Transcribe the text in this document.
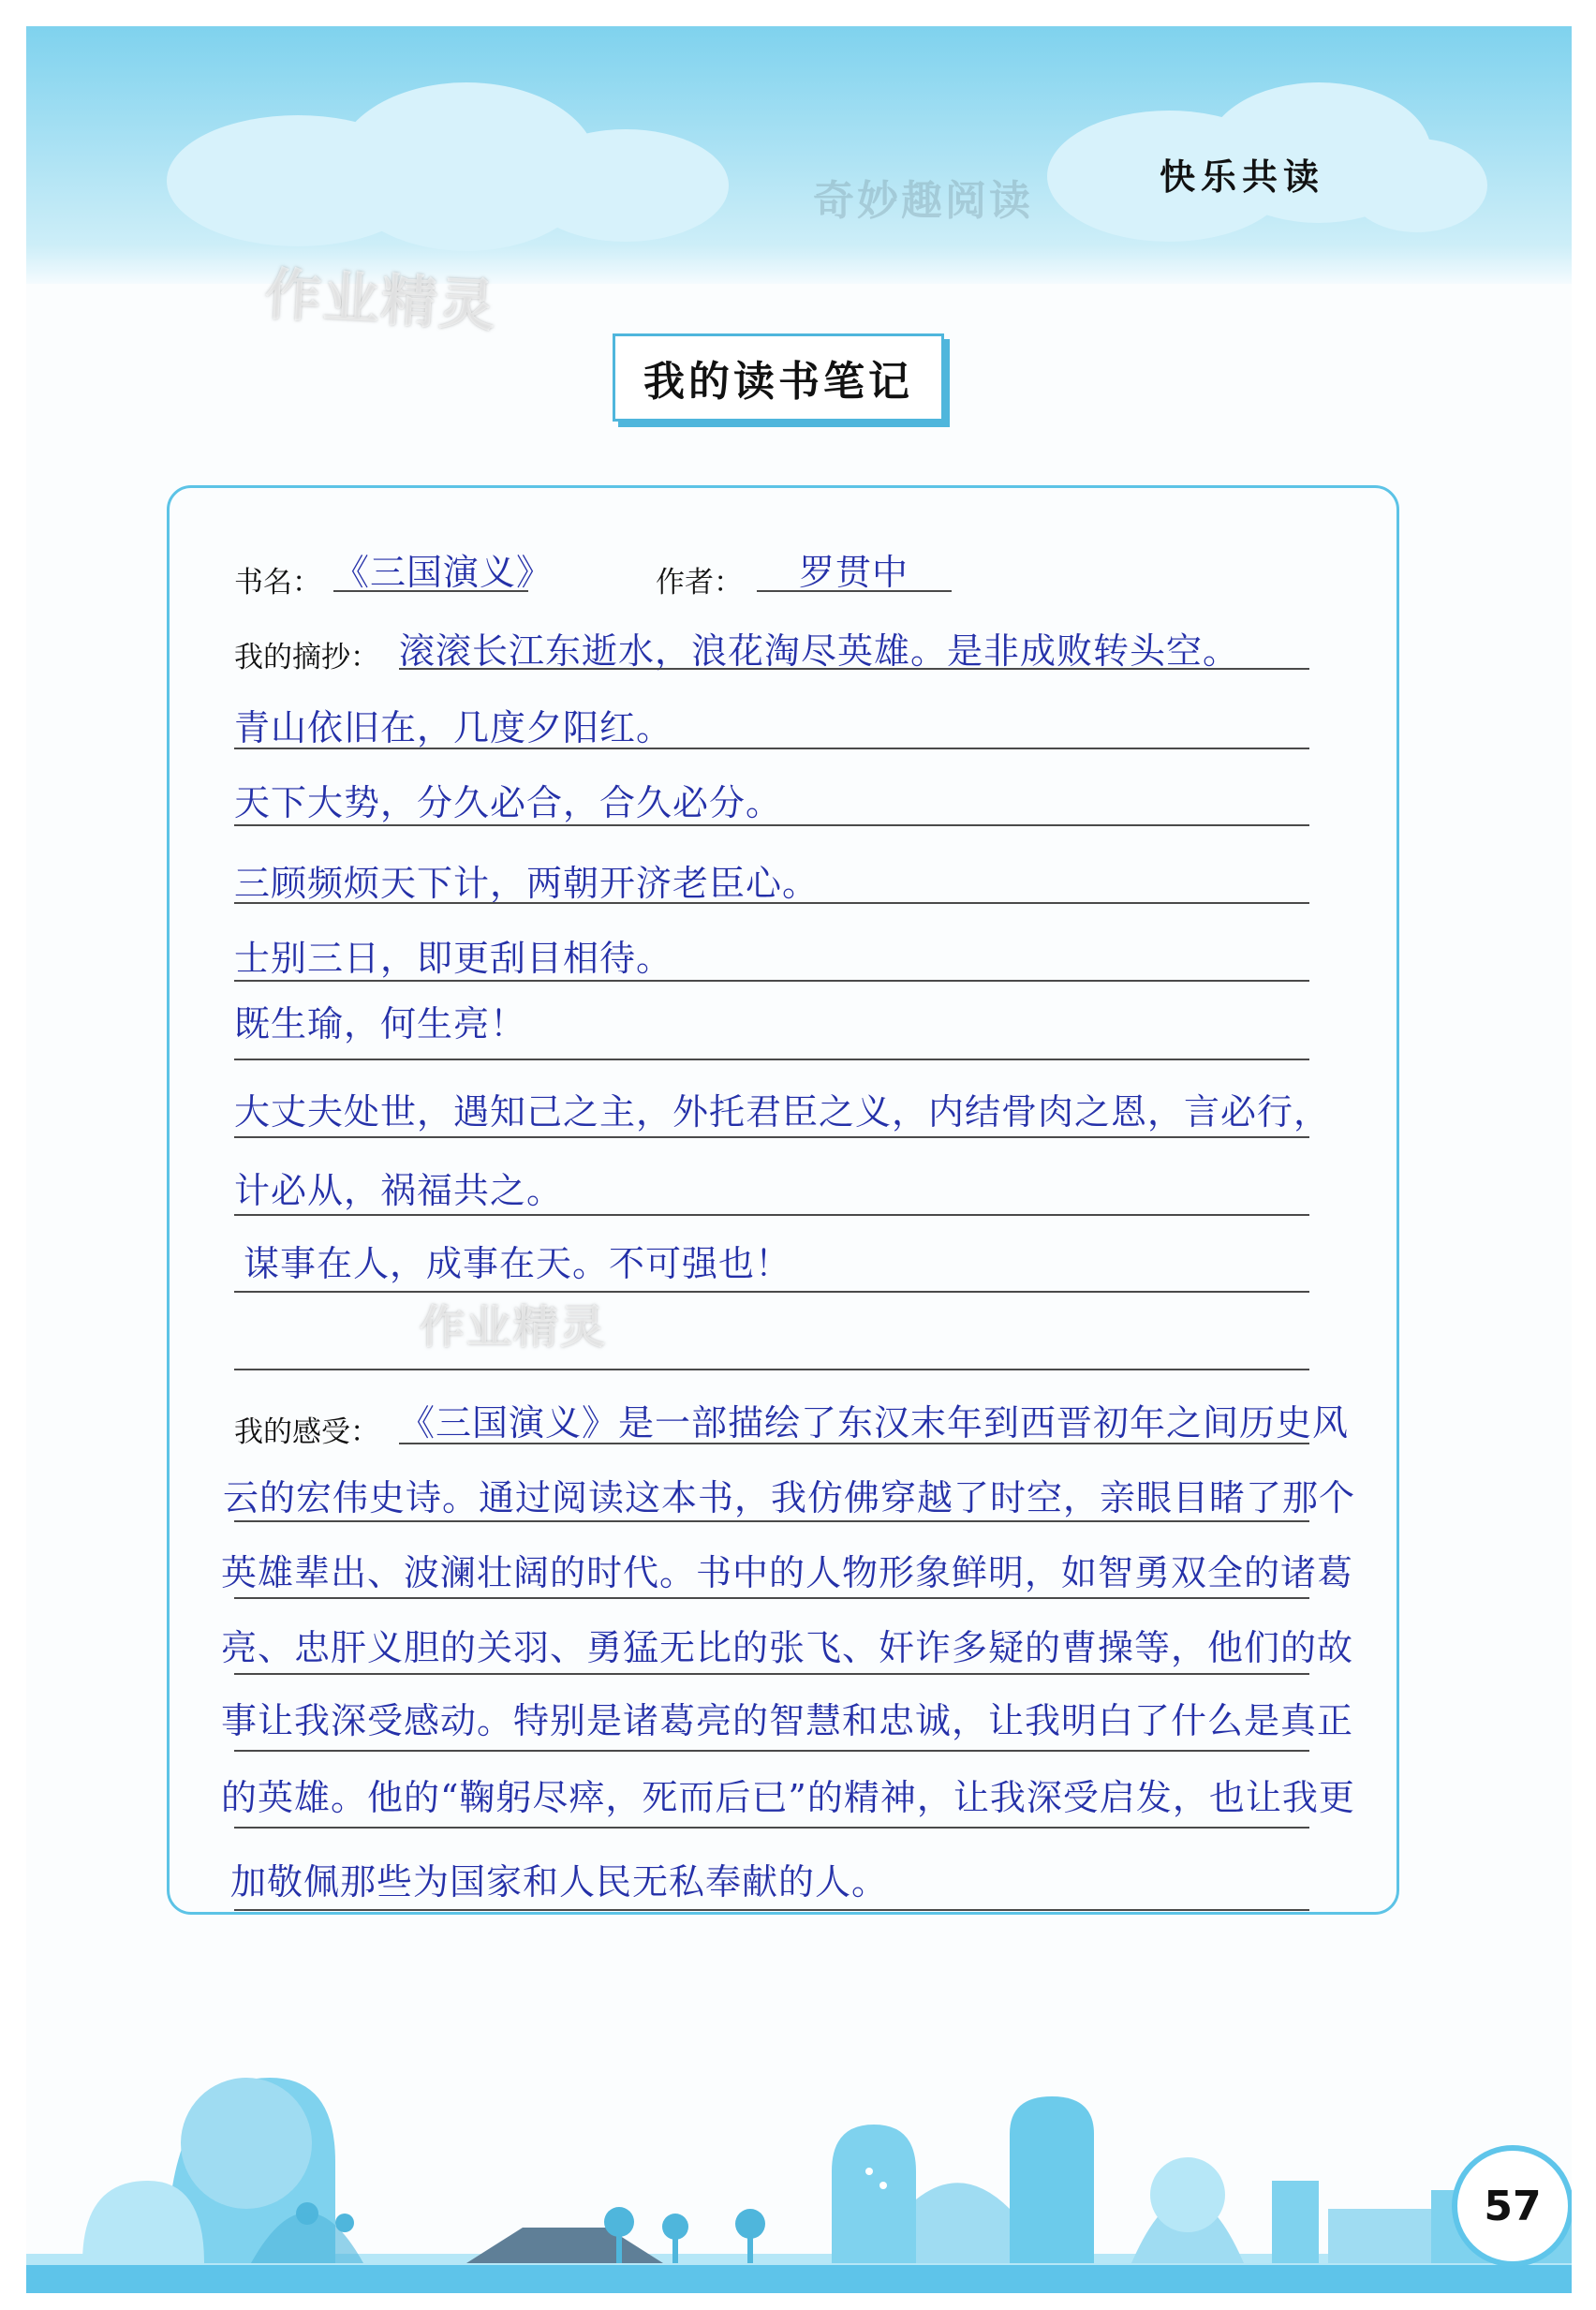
奇妙趣阅读	快乐共读
作业精灵
我的读书笔记
书名： 《三国演义》	作者： 罗贯中
我的摘抄： 滚滚长江东逝水，浪花淘尽英雄。是非成败转头空。
青山依旧在，几度夕阳红。
天下大势，分久必合，合久必分。
三顾频烦天下计，两朝开济老臣心。
士别三日，即更刮目相待。
既生瑜，何生亮！
大丈夫处世，遇知己之主，外托君臣之义，内结骨肉之恩，言必行，
计必从，祸福共之。
谋事在人，成事在天。不可强也！
作业精灵
我的感受： 《三国演义》是一部描绘了东汉末年到西晋初年之间历史风
云的宏伟史诗。通过阅读这本书，我仿佛穿越了时空，亲眼目睹了那个
英雄辈出、波澜壮阔的时代。书中的人物形象鲜明，如智勇双全的诸葛
亮、忠肝义胆的关羽、勇猛无比的张飞、奸诈多疑的曹操等，他们的故
事让我深受感动。特别是诸葛亮的智慧和忠诚，让我明白了什么是真正
的英雄。他的“鞠躬尽瘁，死而后已”的精神，让我深受启发，也让我更
加敬佩那些为国家和人民无私奉献的人。
57
